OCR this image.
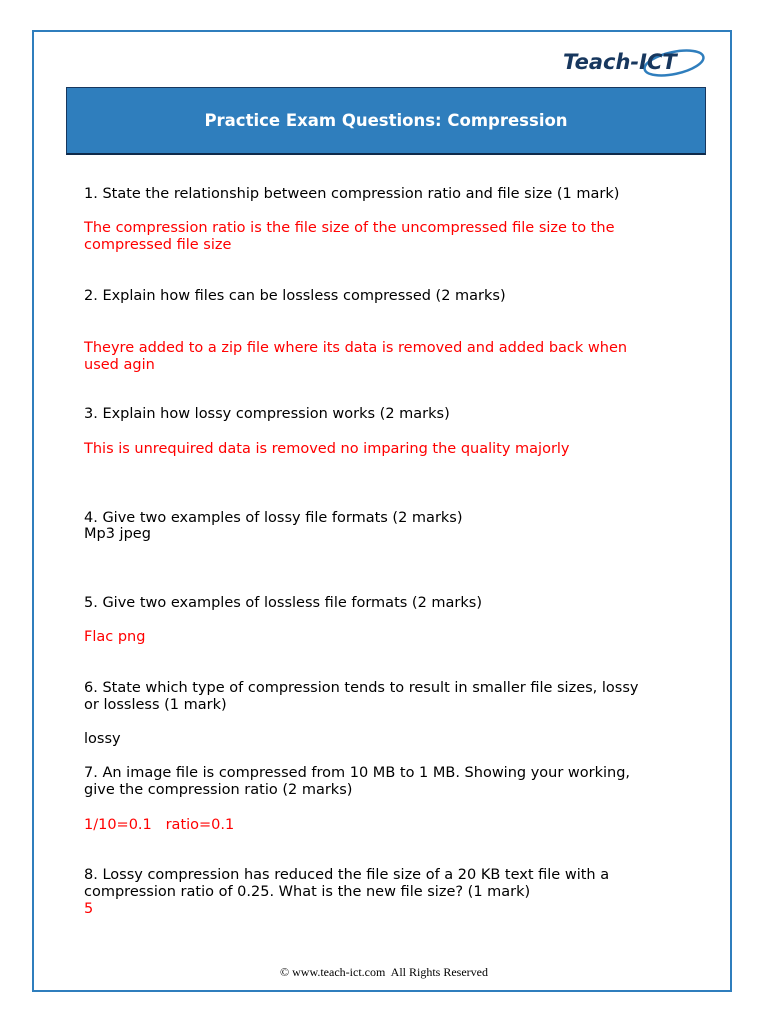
Teach-ICT
Practice Exam Questions: Compression
1. State the relationship between compression ratio and file size (1 mark)
The compression ratio is the file size of the uncompressed file size to the
compressed file size
2. Explain how files can be lossless compressed (2 marks)
Theyre added to a zip file where its data is removed and added back when
used agin
3. Explain how lossy compression works (2 marks)
This is unrequired data is removed no imparing the quality majorly
4. Give two examples of lossy file formats (2 marks)
Mp3 jpeg
5. Give two examples of lossless file formats (2 marks)
Flac png
6. State which type of compression tends to result in smaller file sizes, lossy
or lossless (1 mark)
lossy
7. An image file is compressed from 10 MB to 1 MB. Showing your working,
give the compression ratio (2 marks)
1/10=0.1   ratio=0.1
8. Lossy compression has reduced the file size of a 20 KB text file with a
compression ratio of 0.25. What is the new file size? (1 mark)
5
© www.teach-ict.com  All Rights Reserved
